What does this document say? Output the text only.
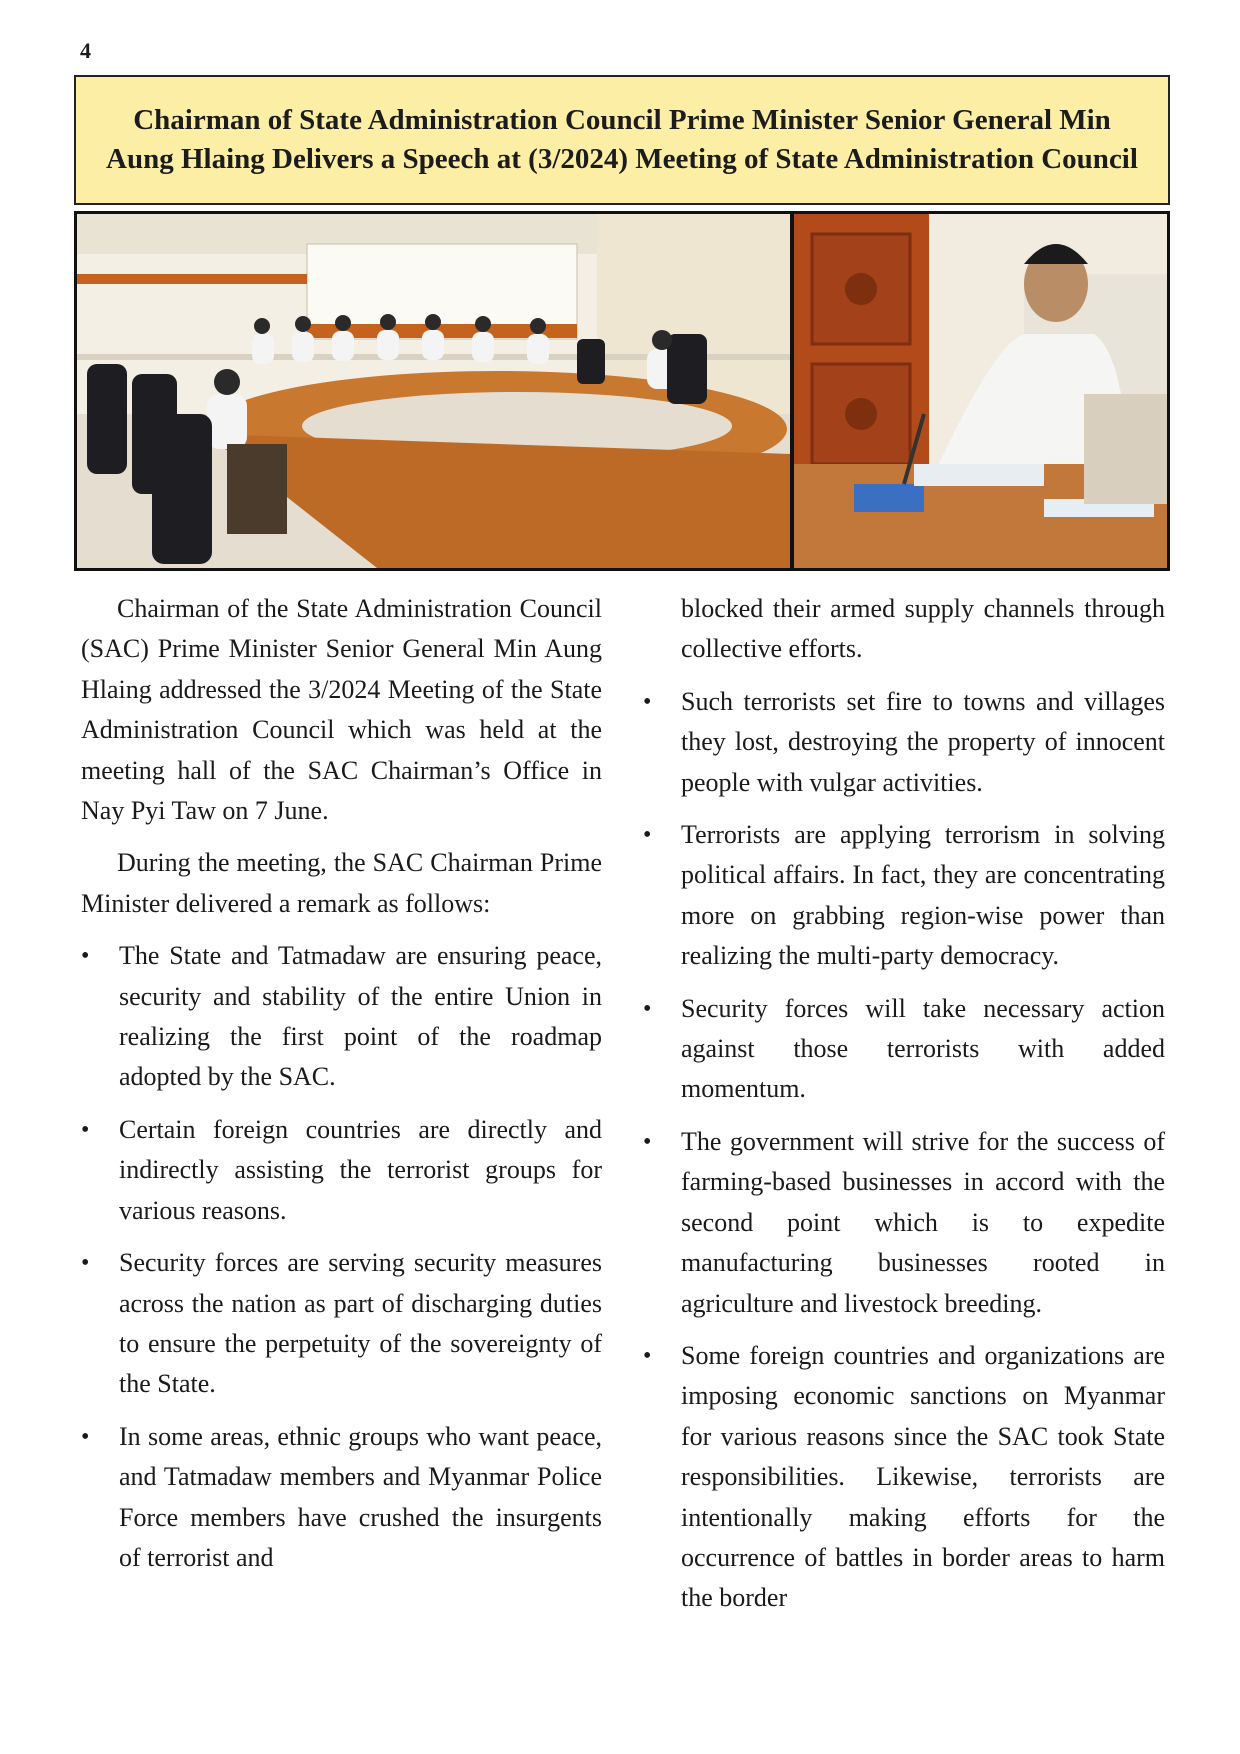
4
Chairman of State Administration Council Prime Minister Senior General Min Aung Hlaing Delivers a Speech at (3/2024) Meeting of State Administration Council

Chairman of the State Administration Council (SAC) Prime Minister Senior General Min Aung Hlaing addressed the 3/2024 Meeting of the State Administration Council which was held at the meeting hall of the SAC Chairman’s Office in Nay Pyi Taw on 7 June.

During the meeting, the SAC Chairman Prime Minister delivered a remark as follows:

• The State and Tatmadaw are ensuring peace, security and stability of the entire Union in realizing the first point of the roadmap adopted by the SAC.
• Certain foreign countries are directly and indirectly assisting the terrorist groups for various reasons.
• Security forces are serving security measures across the nation as part of discharging duties to ensure the perpetuity of the sovereignty of the State.
• In some areas, ethnic groups who want peace, and Tatmadaw members and Myanmar Police Force members have crushed the insurgents of terrorist and

blocked their armed supply channels through collective efforts.

• Such terrorists set fire to towns and villages they lost, destroying the property of innocent people with vulgar activities.
• Terrorists are applying terrorism in solving political affairs. In fact, they are concentrating more on grabbing region-wise power than realizing the multi-party democracy.
• Security forces will take necessary action against those terrorists with added momentum.
• The government will strive for the success of farming-based businesses in accord with the second point which is to expedite manufacturing businesses rooted in agriculture and livestock breeding.
• Some foreign countries and organizations are imposing economic sanctions on Myanmar for various reasons since the SAC took State responsibilities. Likewise, terrorists are intentionally making efforts for the occurrence of battles in border areas to harm the border
